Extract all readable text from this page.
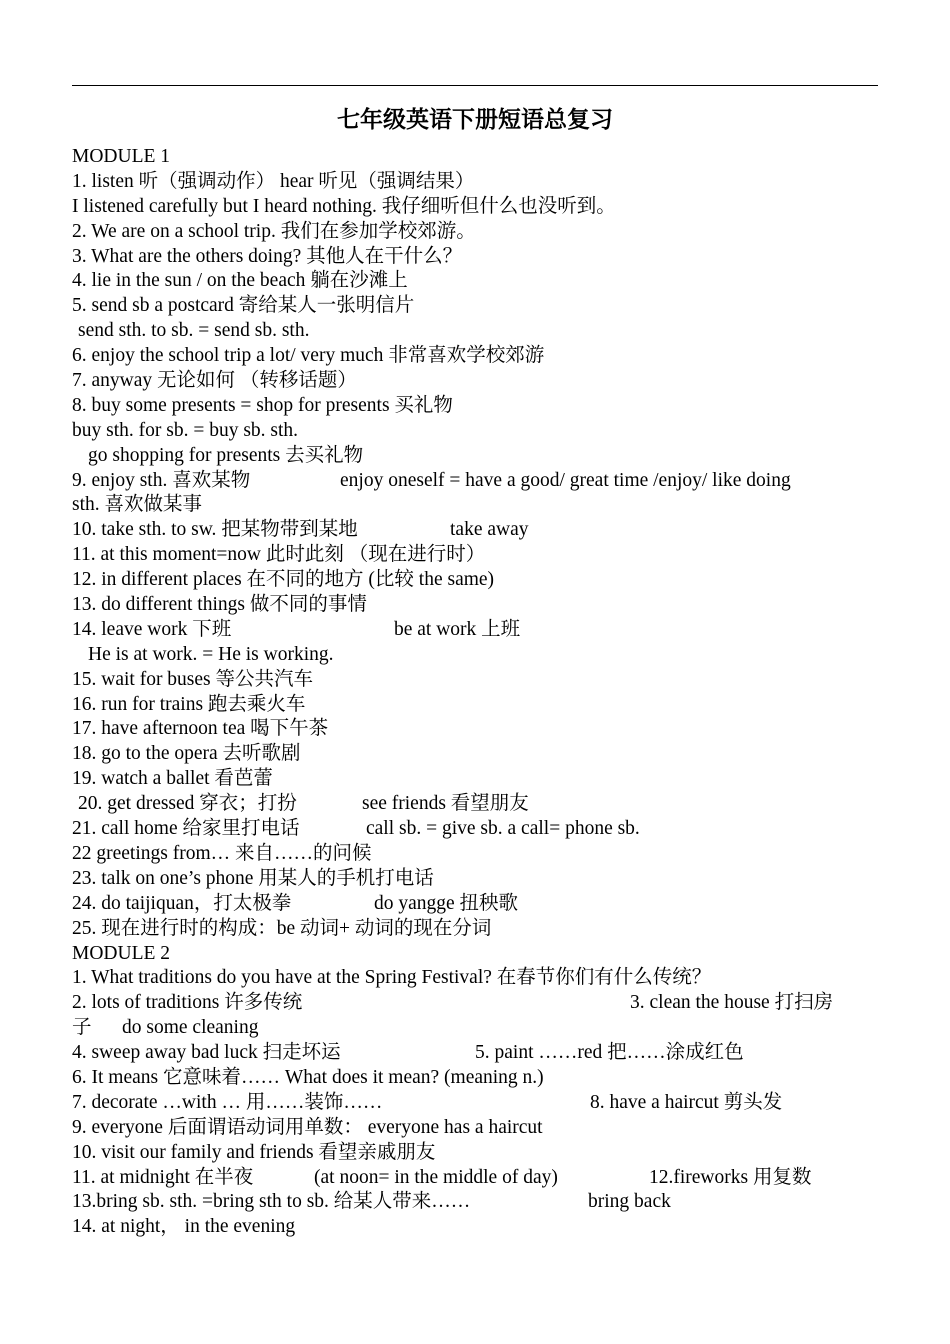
七年级英语下册短语总复习
MODULE 1
1. listen 听（强调动作） hear 听见（强调结果）
I listened carefully but I heard nothing. 我仔细听但什么也没听到。
2. We are on a school trip. 我们在参加学校郊游。
3. What are the others doing? 其他人在干什么？
4. lie in the sun / on the beach 躺在沙滩上
5. send sb a postcard 寄给某人一张明信片
send sth. to sb. = send sb. sth.
6. enjoy the school trip a lot/ very much 非常喜欢学校郊游
7. anyway 无论如何 （转移话题）
8. buy some presents = shop for presents 买礼物
buy sth. for sb. = buy sb. sth.
go shopping for presents 去买礼物
9. enjoy sth. 喜欢某物	enjoy oneself = have a good/ great time /enjoy/ like doing
sth. 喜欢做某事
10. take sth. to sw. 把某物带到某地	take away
11. at this moment=now 此时此刻 （现在进行时）
12. in different places 在不同的地方 (比较 the same)
13. do different things 做不同的事情
14. leave work 下班	be at work 上班
He is at work. = He is working.
15. wait for buses 等公共汽车
16. run for trains 跑去乘火车
17. have afternoon tea 喝下午茶
18. go to the opera 去听歌剧
19. watch a ballet 看芭蕾
20. get dressed 穿衣；打扮	see friends 看望朋友
21. call home 给家里打电话	call sb. = give sb. a call= phone sb.
22 greetings from… 来自……的问候
23. talk on one’s phone 用某人的手机打电话
24. do taijiquan，打太极拳	do yangge 扭秧歌
25. 现在进行时的构成：be 动词+ 动词的现在分词
MODULE 2
1. What traditions do you have at the Spring Festival? 在春节你们有什么传统？
2. lots of traditions 许多传统	3. clean the house 打扫房
子 do some cleaning
4. sweep away bad luck 扫走坏运	5. paint ……red 把……涂成红色
6. It means 它意味着…… What does it mean? (meaning n.)
7. decorate …with … 用……装饰……	8. have a haircut 剪头发
9. everyone 后面谓语动词用单数： everyone has a haircut
10. visit our family and friends 看望亲戚朋友
11. at midnight 在半夜	(at noon= in the middle of day)	12.fireworks 用复数
13.bring sb. sth. =bring sth to sb. 给某人带来……	bring back
14. at night， in the evening
